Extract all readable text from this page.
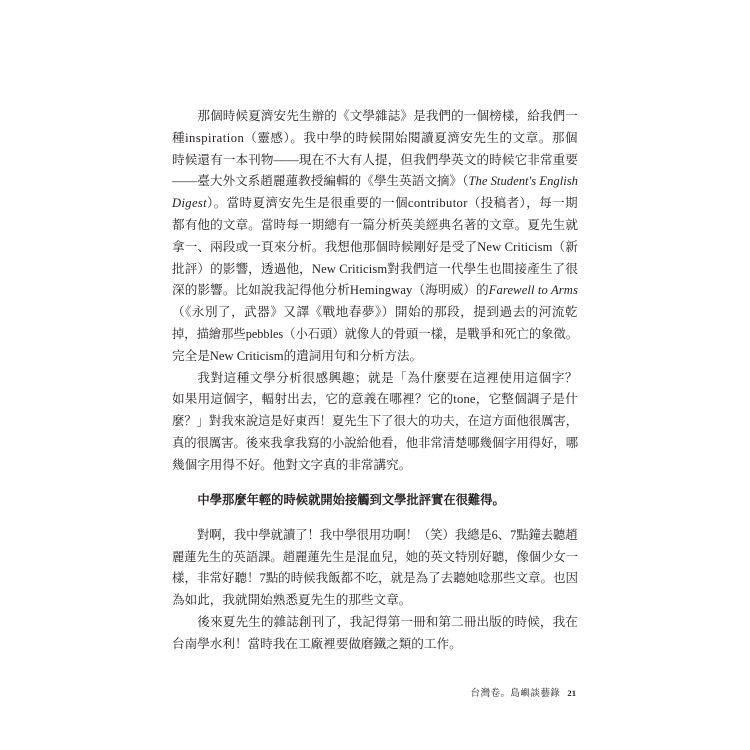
那個時候夏濟安先生辦的《文學雜誌》是我們的一個榜樣，給我們一
種inspiration（靈感）。我中學的時候開始閱讀夏濟安先生的文章。那個
時候還有一本刊物——現在不大有人提，但我們學英文的時候它非常重要
——臺大外文系趙麗蓮教授編輯的《學生英語文摘》（The Student's English
Digest）。當時夏濟安先生是很重要的一個contributor（投稿者），每一期
都有他的文章。當時每一期總有一篇分析英美經典名著的文章。夏先生就
拿一、兩段或一頁來分析。我想他那個時候剛好是受了New Criticism（新
批評）的影響，透過他，New Criticism對我們這一代學生也間接產生了很
深的影響。比如說我記得他分析Hemingway（海明威）的Farewell to Arms
（《永別了，武器》又譯《戰地春夢》）開始的那段，提到過去的河流乾
掉，描繪那些pebbles（小石頭）就像人的骨頭一樣，是戰爭和死亡的象徵。
完全是New Criticism的遣詞用句和分析方法。
我對這種文學分析很感興趣；就是「為什麼要在這裡使用這個字？
如果用這個字，輻射出去，它的意義在哪裡？它的tone，它整個調子是什
麼？」對我來說這是好東西！夏先生下了很大的功夫，在這方面他很厲害，
真的很厲害。後來我拿我寫的小說給他看，他非常清楚哪幾個字用得好，哪
幾個字用得不好。他對文字真的非常講究。
中學那麼年輕的時候就開始接觸到文學批評實在很難得。
對啊，我中學就讀了！我中學很用功啊！（笑）我總是6、7點鐘去聽趙
麗蓮先生的英語課。趙麗蓮先生是混血兒，她的英文特別好聽，像個少女一
樣，非常好聽！7點的時候我飯都不吃，就是為了去聽她唸那些文章。也因
為如此，我就開始熟悉夏先生的那些文章。
後來夏先生的雜誌創刊了，我記得第一冊和第二冊出版的時候，我在
台南學水利！當時我在工廠裡要做磨鐵之類的工作。
台灣卷。島嶼談藝錄 21
